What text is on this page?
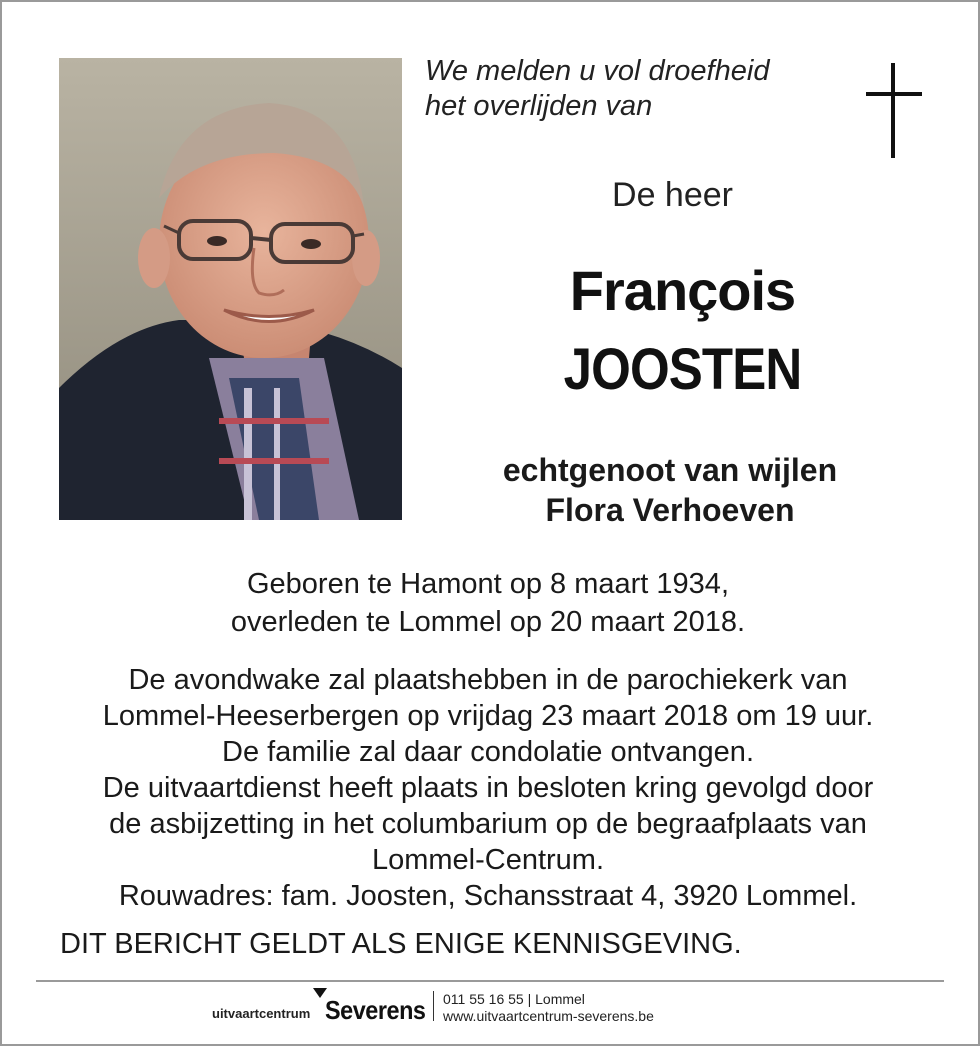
We melden u vol droefheid
het overlijden van
De heer
François
JOOSTEN
echtgenoot van wijlen
Flora Verhoeven
Geboren te Hamont op 8 maart 1934,
overleden te Lommel op 20 maart 2018.
De avondwake zal plaatshebben in de parochiekerk van
Lommel-Heeserbergen op vrijdag 23 maart 2018 om 19 uur.
De familie zal daar condolatie ontvangen.
De uitvaartdienst heeft plaats in besloten kring gevolgd door
de asbijzetting in het columbarium op de begraafplaats van
Lommel-Centrum.
Rouwadres: fam. Joosten, Schansstraat 4, 3920 Lommel.
DIT BERICHT GELDT ALS ENIGE KENNISGEVING.
uitvaartcentrum Severens 011 55 16 55 | Lommel
www.uitvaartcentrum-severens.be
